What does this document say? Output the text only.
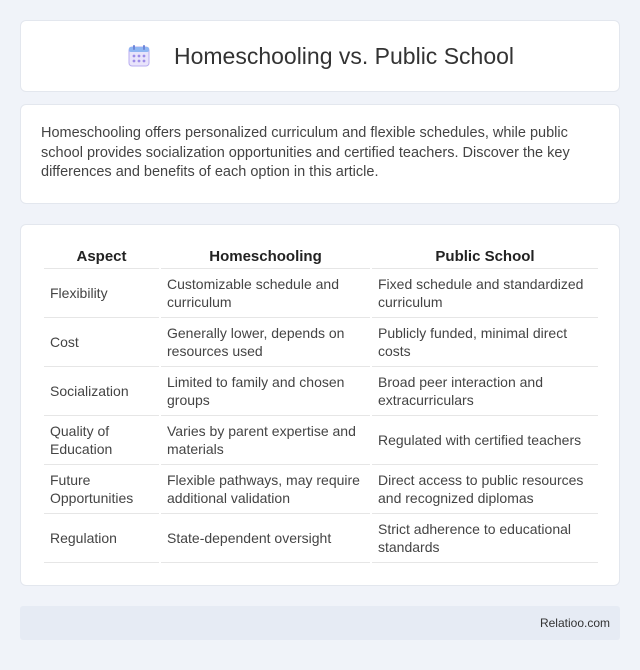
Homeschooling vs. Public School

Homeschooling offers personalized curriculum and flexible schedules, while public school provides socialization opportunities and certified teachers. Discover the key differences and benefits of each option in this article.

Aspect	Homeschooling	Public School
Flexibility	Customizable schedule and curriculum	Fixed schedule and standardized curriculum
Cost	Generally lower, depends on resources used	Publicly funded, minimal direct costs
Socialization	Limited to family and chosen groups	Broad peer interaction and extracurriculars
Quality of Education	Varies by parent expertise and materials	Regulated with certified teachers
Future Opportunities	Flexible pathways, may require additional validation	Direct access to public resources and recognized diplomas
Regulation	State-dependent oversight	Strict adherence to educational standards
Relatioo.com
